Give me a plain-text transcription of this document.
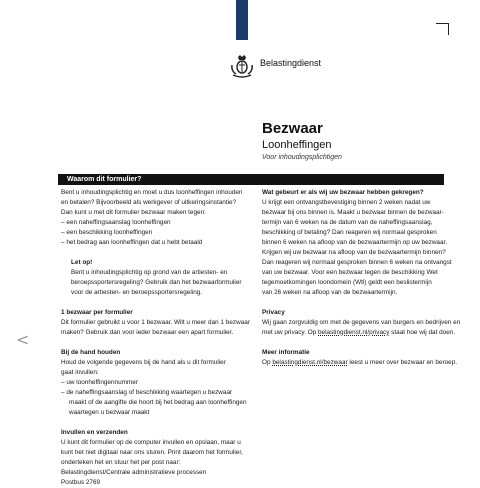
<
Belastingdienst
Bezwaar
Loonheffingen
Voor inhoudingsplichtigen
Waarom dit formulier?

Bent u inhoudingsplichtig en moet u dus loonheffingen inhouden

en betalen? Bijvoorbeeld als werkgever of uitkeringsinstantie?

Dan kunt u met dit formulier bezwaar maken tegen:

– een naheffingsaanslag loonheffingen

– een beschikking loonheffingen

– het bedrag aan loonheffingen dat u hebt betaald

Let op!

Bent u inhoudingsplichtig op grond van de artiesten- en

beroepssportersregeling? Gebruik dan het bezwaarformulier

voor de artiesten- en beroepssportersregeling.

1 bezwaar per formulier

Dit formulier gebruikt u voor 1 bezwaar. Wilt u meer dan 1 bezwaar

maken? Gebruik dan voor ieder bezwaar een apart formulier.

Bij de hand houden

Houd de volgende gegevens bij de hand als u dit formulier

gaat invullen:

– uw loonheffingennummer

– de naheffingsaanslag of beschikking waartegen u bezwaar

maakt of de aangifte die hoort bij het bedrag aan loonheffingen

waartegen u bezwaar maakt

Invullen en verzenden

U kunt dit formulier op de computer invullen en opslaan, maar u

kunt het niet digitaal naar ons sturen. Print daarom het formulier,

onderteken het en stuur het per post naar:

Belastingdienst/Centrale administratieve processen

Postbus 2769

Wat gebeurt er als wij uw bezwaar hebben gekregen?

U krijgt een ontvangstbevestiging binnen 2 weken nadat uw

bezwaar bij ons binnen is. Maakt u bezwaar binnen de bezwaar-

termijn van 6 weken na de datum van de naheffingsaanslag,

beschikking of betaling? Dan reageren wij normaal gesproken

binnen 6 weken na afloop van de bezwaartermijn op uw bezwaar.

Krijgen wij uw bezwaar na afloop van de bezwaartermijn binnen?

Dan reageren wij normaal gesproken binnen 6 weken na ontvangst

van uw bezwaar. Voor een bezwaar tegen de beschikking Wet

tegemoetkomingen loondomein (Wtl) geldt een beslistermijn

van 26 weken na afloop van de bezwaartermijn.

Privacy

Wij gaan zorgvuldig om met de gegevens van burgers en bedrijven en

met uw privacy. Op belastingdienst.nl/privacy staat hoe wij dat doen.

Meer informatie

Op belastingdienst.nl/bezwaar leest u meer over bezwaar en beroep.
